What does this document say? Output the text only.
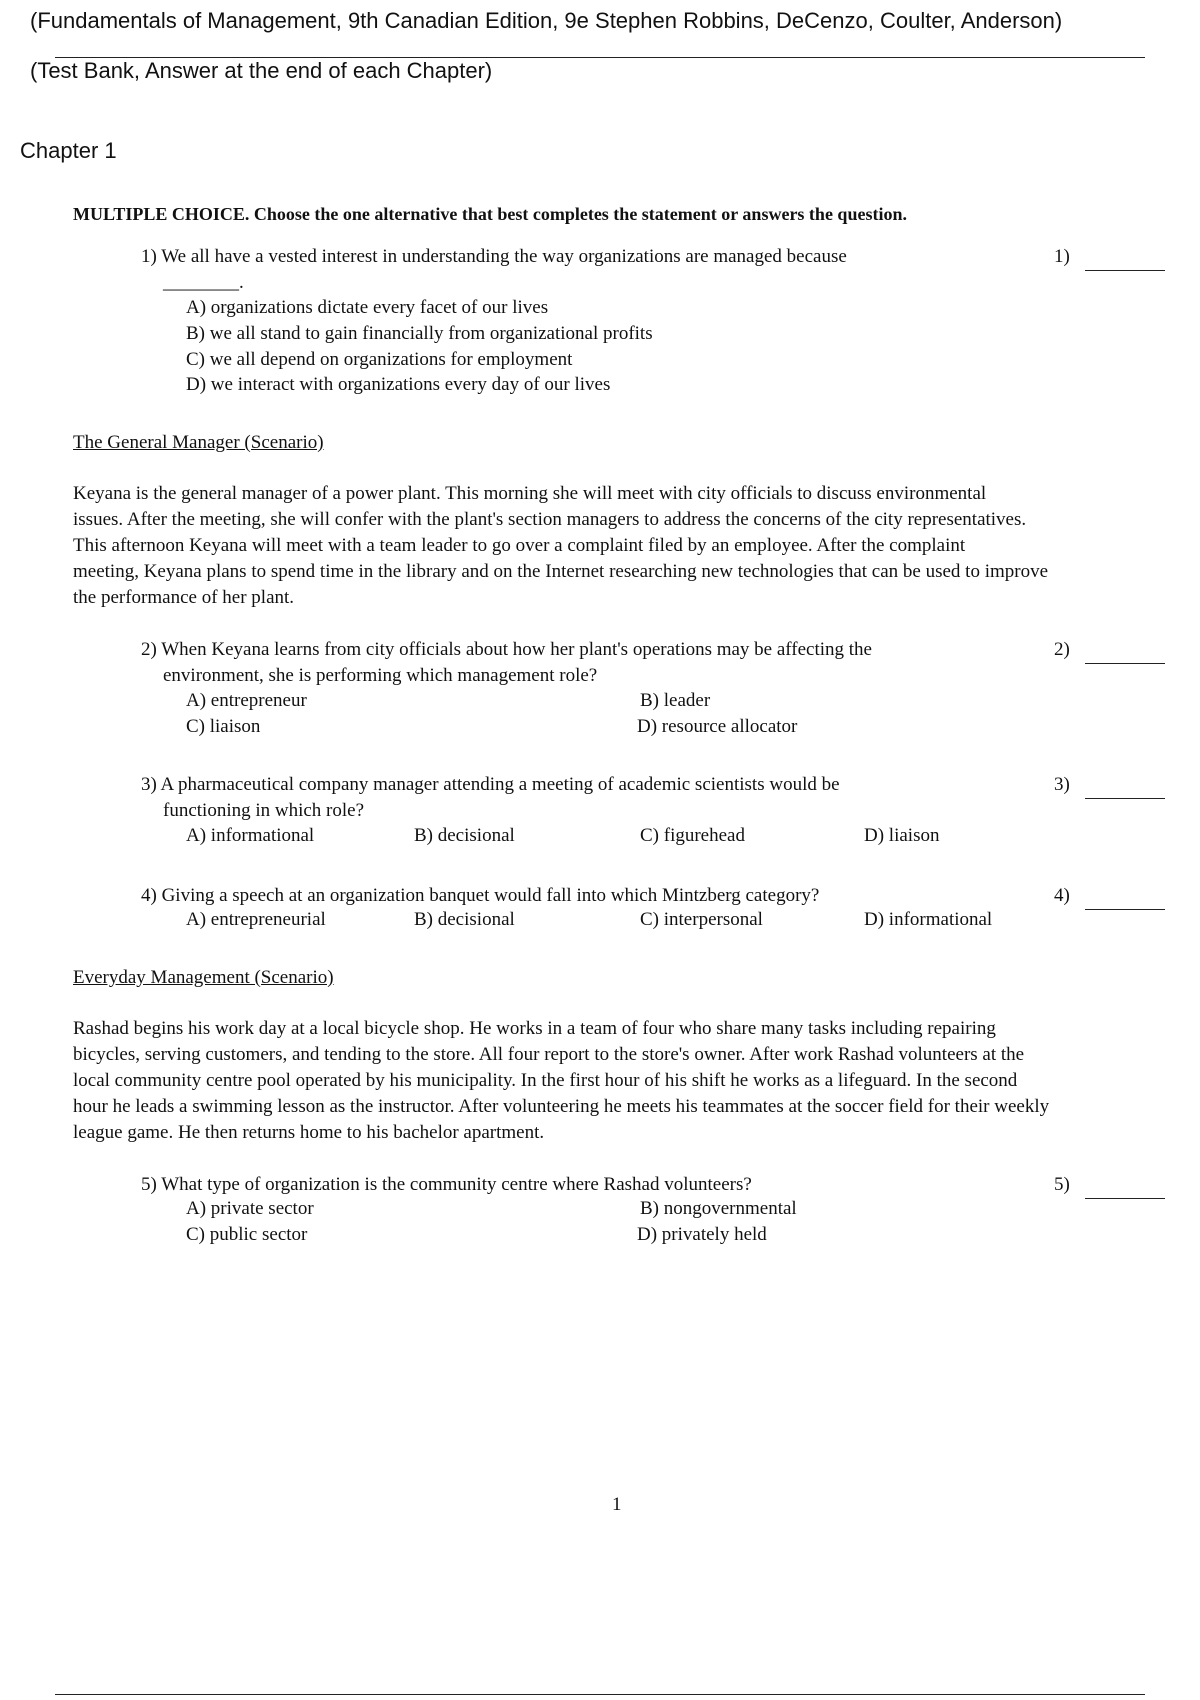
(Fundamentals of Management, 9th Canadian Edition, 9e Stephen Robbins, DeCenzo, Coulter, Anderson)
(Test Bank, Answer at the end of each Chapter)
Chapter 1
MULTIPLE CHOICE. Choose the one alternative that best completes the statement or answers the question.
1) We all have a vested interest in understanding the way organizations are managed because
________.
1)
A) organizations dictate every facet of our lives
B) we all stand to gain financially from organizational profits
C) we all depend on organizations for employment
D) we interact with organizations every day of our lives
The General Manager (Scenario)
Keyana is the general manager of a power plant. This morning she will meet with city officials to discuss environmental
issues. After the meeting, she will confer with the plant's section managers to address the concerns of the city representatives.
This afternoon Keyana will meet with a team leader to go over a complaint filed by an employee. After the complaint
meeting, Keyana plans to spend time in the library and on the Internet researching new technologies that can be used to improve
the performance of her plant.
2) When Keyana learns from city officials about how her plant's operations may be affecting the
environment, she is performing which management role?
2)
A) entrepreneur	B) leader
C) liaison	D) resource allocator
3) A pharmaceutical company manager attending a meeting of academic scientists would be
functioning in which role?
3)
A) informational	B) decisional	C) figurehead	D) liaison
4) Giving a speech at an organization banquet would fall into which Mintzberg category?	4)
A) entrepreneurial	B) decisional	C) interpersonal	D) informational
Everyday Management (Scenario)
Rashad begins his work day at a local bicycle shop. He works in a team of four who share many tasks including repairing
bicycles, serving customers, and tending to the store. All four report to the store's owner. After work Rashad volunteers at the
local community centre pool operated by his municipality. In the first hour of his shift he works as a lifeguard. In the second
hour he leads a swimming lesson as the instructor. After volunteering he meets his teammates at the soccer field for their weekly
league game. He then returns home to his bachelor apartment.
5) What type of organization is the community centre where Rashad volunteers?	5)
A) private sector	B) nongovernmental
C) public sector	D) privately held
1
